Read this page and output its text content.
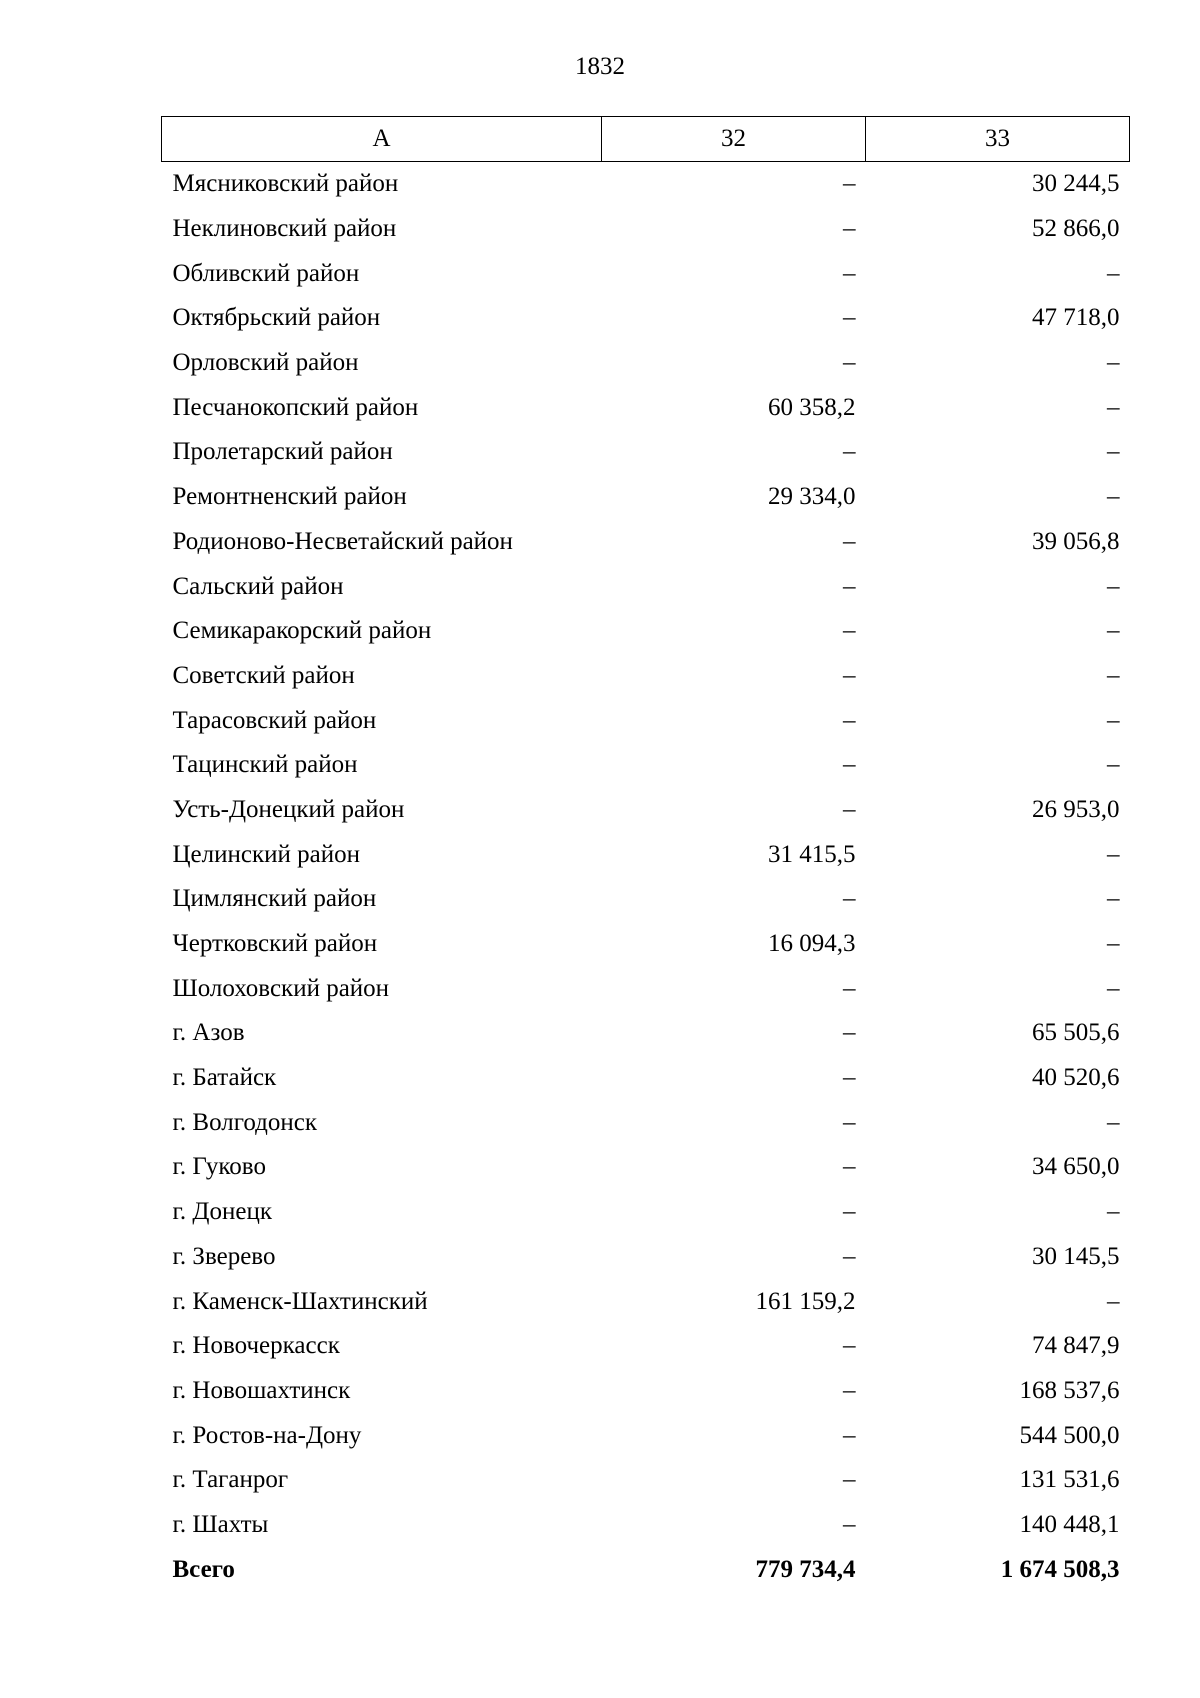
1832
А	32	33
Мясниковский район	–	30 244,5
Неклиновский район	–	52 866,0
Обливский район	–	–
Октябрьский район	–	47 718,0
Орловский район	–	–
Песчанокопский район	60 358,2	–
Пролетарский район	–	–
Ремонтненский район	29 334,0	–
Родионово-Несветайский район	–	39 056,8
Сальский район	–	–
Семикаракорский район	–	–
Советский район	–	–
Тарасовский район	–	–
Тацинский район	–	–
Усть-Донецкий район	–	26 953,0
Целинский район	31 415,5	–
Цимлянский район	–	–
Чертковский район	16 094,3	–
Шолоховский район	–	–
г. Азов	–	65 505,6
г. Батайск	–	40 520,6
г. Волгодонск	–	–
г. Гуково	–	34 650,0
г. Донецк	–	–
г. Зверево	–	30 145,5
г. Каменск-Шахтинский	161 159,2	–
г. Новочеркасск	–	74 847,9
г. Новошахтинск	–	168 537,6
г. Ростов-на-Дону	–	544 500,0
г. Таганрог	–	131 531,6
г. Шахты	–	140 448,1
Всего	779 734,4	1 674 508,3
